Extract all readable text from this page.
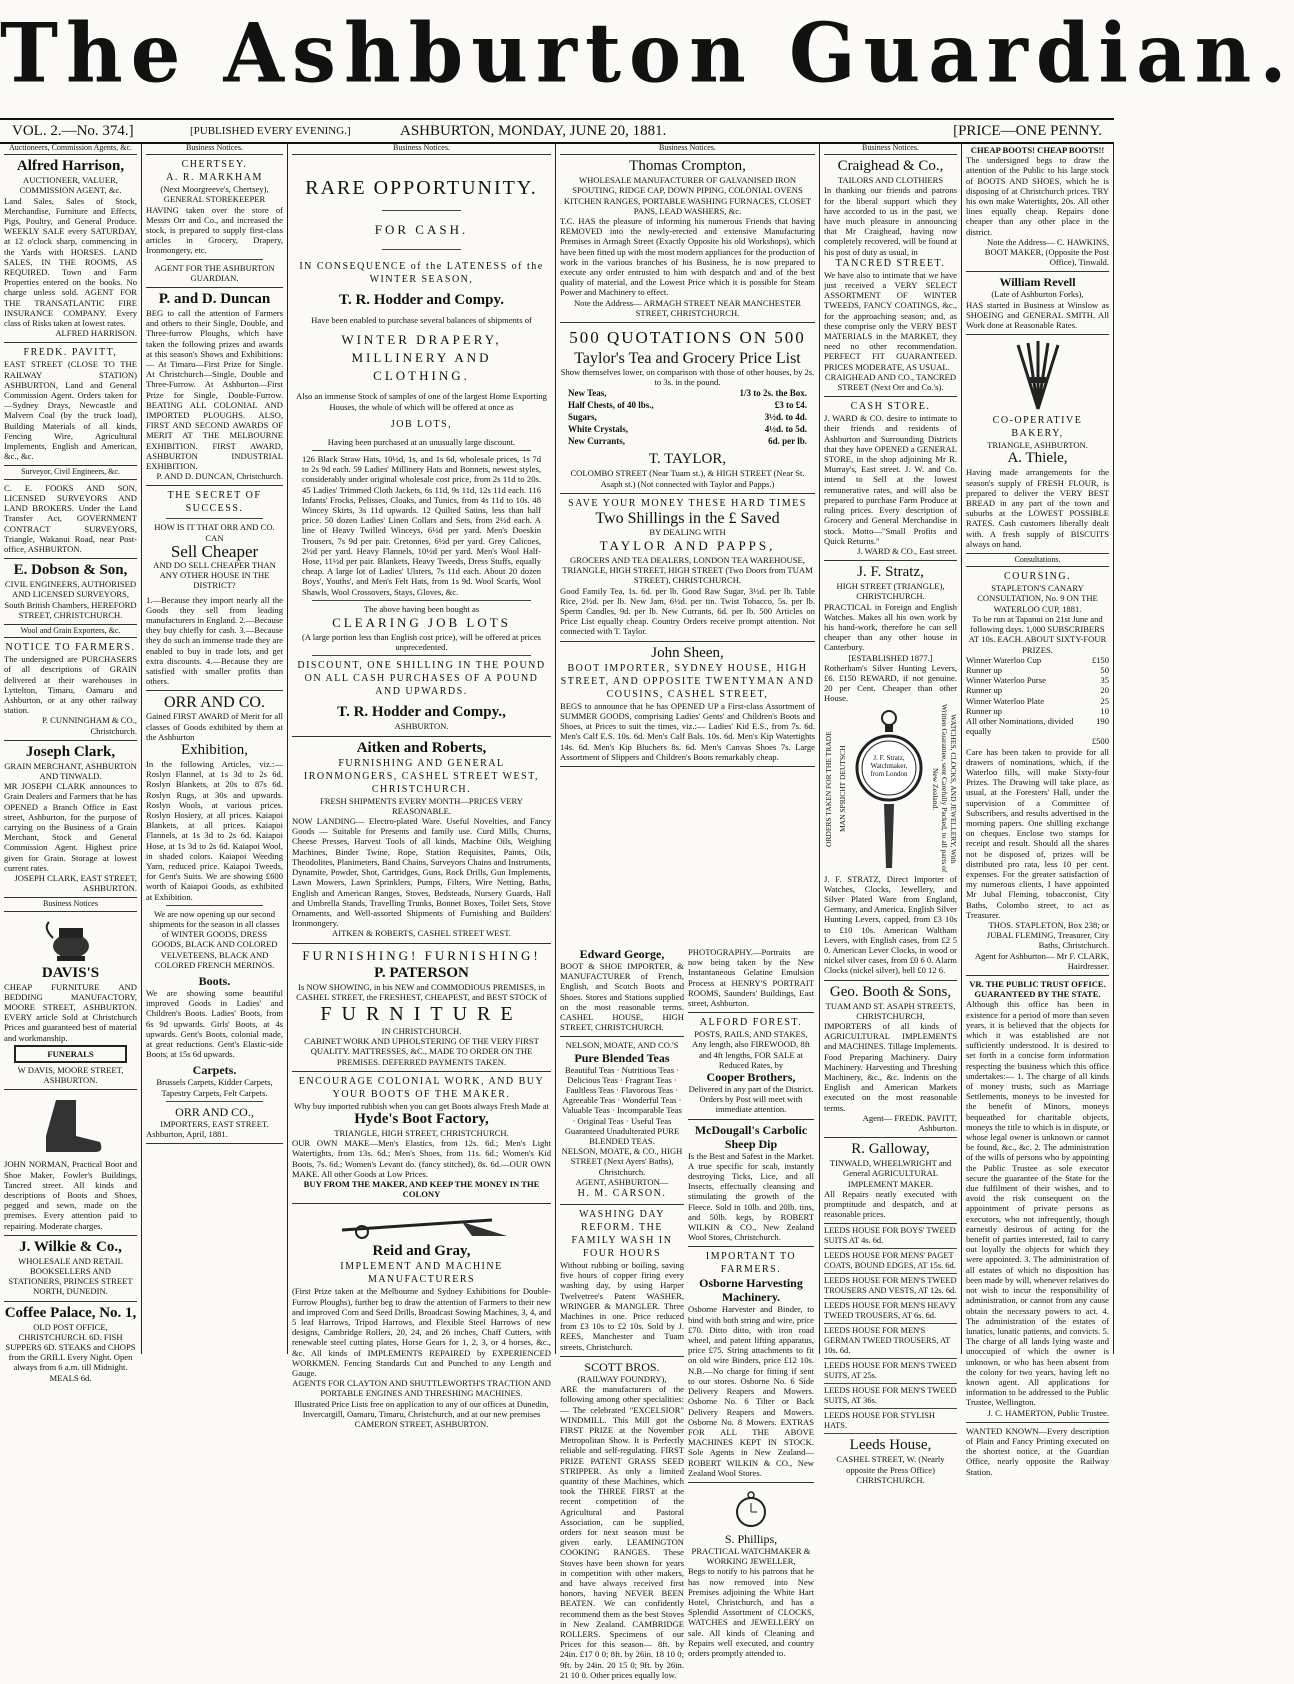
The Ashburton Guardian.
VOL. 2.—No. 374.]	[PUBLISHED EVERY EVENING.]	ASHBURTON, MONDAY, JUNE 20, 1881.	[PRICE—ONE PENNY.
Auctioneers, Commission Agents, &c.
Alfred Harrison,
AUCTIONEER, VALUER, COMMISSION AGENT, &c.
Land Sales, Sales of Stock, Merchandise, Furniture and Effects, Pigs, Poultry, and General Produce. WEEKLY SALE every SATURDAY, at 12 o'clock sharp, commencing in the Yards with HORSES. LAND SALES, IN THE ROOMS, AS REQUIRED. Town and Farm Properties entered on the books. No charge unless sold. AGENT FOR THE TRANSATLANTIC FIRE INSURANCE COMPANY. Every class of Risks taken at lowest rates.
ALFRED HARRISON.
FREDK. PAVITT,
EAST STREET (CLOSE TO THE RAILWAY STATION) ASHBURTON, Land and General Commission Agent. Orders taken for—Sydney Drays, Newcastle and Malvern Coal (by the truck load), Building Materials of all kinds, Fencing Wire, Agricultural Implements, English and American, &c., &c.
Surveyor, Civil Engineers, &c.
C. E. FOOKS AND SON, LICENSED SURVEYORS AND LAND BROKERS. Under the Land Transfer Act, GOVERNMENT CONTRACT SURVEYORS, Triangle, Wakanui Road, near Post-office, ASHBURTON.
E. Dobson & Son,
CIVIL ENGINEERS, AUTHORISED AND LICENSED SURVEYORS, South British Chambers, HEREFORD STREET, CHRISTCHURCH.
Wool and Grain Exporters, &c.
NOTICE TO FARMERS.
The undersigned are PURCHASERS of all descriptions of GRAIN delivered at their warehouses in Lyttelton, Timaru, Oamaru and Ashburton, or at any other railway station.
P. CUNNINGHAM & CO., Christchurch.
Joseph Clark,
GRAIN MERCHANT, ASHBURTON AND TINWALD.
MR JOSEPH CLARK announces to Grain Dealers and Farmers that he has OPENED a Branch Office in East street, Ashburton, for the purpose of carrying on the Business of a Grain Merchant, Stock and General Commission Agent. Highest price given for Grain. Storage at lowest current rates.
JOSEPH CLARK, EAST STREET, ASHBURTON.
Business Notices
DAVIS'S
CHEAP FURNITURE AND BEDDING MANUFACTORY, MOORE STREET, ASHBURTON. EVERY article Sold at Christchurch Prices and guaranteed best of material and workmanship.
FUNERALS
W DAVIS, MOORE STREET, ASHBURTON.
JOHN NORMAN, Practical Boot and Shoe Maker, Fowler's Buildings, Tancred street. All kinds and descriptions of Boots and Shoes, pegged and sewn, made on the premises. Every attention paid to repairing. Moderate charges.
J. Wilkie & Co.,
WHOLESALE AND RETAIL BOOKSELLERS AND STATIONERS, PRINCES STREET NORTH, DUNEDIN.
Coffee Palace, No. 1,
OLD POST OFFICE, CHRISTCHURCH. 6D. FISH SUPPERS 6D. STEAKS and CHOPS from the GRILL Every Night. Open always from 6 a.m. till Midnight. MEALS 6d.
Business Notices.
CHERTSEY.
A. R. MARKHAM
(Next Moorgreeve's, Chertsey), GENERAL STOREKEEPER
HAVING taken over the store of Messrs Orr and Co., and increased the stock, is prepared to supply first-class articles in Grocery, Drapery, Ironmongery, etc.
AGENT FOR THE ASHBURTON GUARDIAN.
P. and D. Duncan
BEG to call the attention of Farmers and others to their Single, Double, and Three-furrow Ploughs, which have taken the following prizes and awards at this season's Shows and Exhibitions:— At Timaru—First Prize for Single. At Christchurch—Single, Double and Three-Furrow. At Ashburton—First Prize for Single, Double-Furrow. BEATING ALL COLONIAL AND IMPORTED PLOUGHS. ALSO, FIRST AND SECOND AWARDS OF MERIT AT THE MELBOURNE EXHIBITION. FIRST AWARD, ASHBURTON INDUSTRIAL EXHIBITION.
P. AND D. DUNCAN, Christchurch.
THE SECRET OF SUCCESS.
HOW IS IT THAT ORR AND CO. CAN
Sell Cheaper
AND DO SELL CHEAPER THAN ANY OTHER HOUSE IN THE DISTRICT?
1.—Because they import nearly all the Goods they sell from leading manufacturers in England. 2.—Because they buy chiefly for cash. 3.—Because they do such an immense trade they are enabled to buy in trade lots, and get extra discounts. 4.—Because they are satisfied with smaller profits than others.
ORR AND CO.
Gained FIRST AWARD of Merit for all classes of Goods exhibited by them at the Ashburton
Exhibition,
In the following Articles, viz.:— Roslyn Flannel, at 1s 3d to 2s 6d. Roslyn Blankets, at 20s to 87s 6d. Roslyn Rugs, at 30s and upwards. Roslyn Wools, at various prices. Roslyn Hosiery, at all prices. Kaiapoi Blankets, at all prices. Kaiapoi Flannels, at 1s 3d to 2s 6d. Kaiapoi Hose, at 1s 3d to 2s 6d. Kaiapoi Wool, in shaded colors. Kaiapoi Weeding Yarn, reduced price. Kaiapoi Tweeds, for Gent's Suits. We are showing £600 worth of Kaiapoi Goods, as exhibited at Exhibition.
We are now opening up our second shipments for the season in all classes of WINTER GOODS, DRESS GOODS, BLACK AND COLORED VELVETEENS, BLACK AND COLORED FRENCH MERINOS.
Boots.
We are showing some beautiful improved Goods in Ladies' and Children's Boots. Ladies' Boots, from 6s 9d upwards. Girls' Boots, at 4s upwards. Gent's Boots, colonial made, at great reductions. Gent's Elastic-side Boots, at 15s 6d upwards.
Carpets.
Brussels Carpets, Kidder Carpets, Tapestry Carpets, Felt Carpets.
ORR AND CO.,
IMPORTERS, EAST STREET.
Ashburton, April, 1881.
Business Notices.
RARE OPPORTUNITY.
FOR CASH.
IN CONSEQUENCE of the LATENESS of the WINTER SEASON,
T. R. Hodder and Compy.
Have been enabled to purchase several balances of shipments of
WINTER DRAPERY, MILLINERY AND CLOTHING.
Also an immense Stock of samples of one of the largest Home Exporting Houses, the whole of which will be offered at once as
JOB LOTS,
Having been purchased at an unusually large discount.
126 Black Straw Hats, 10½d, 1s, and 1s 6d, wholesale prices, 1s 7d to 2s 9d each. 59 Ladies' Millinery Hats and Bonnets, newest styles, considerably under original wholesale cost price, from 2s 11d to 20s. 45 Ladies' Trimmed Cloth Jackets, 6s 11d, 9s 11d, 12s 11d each. 116 Infants' Frocks, Pelisses, Cloaks, and Tunics, from 4s 11d to 10s. 48 Wincey Skirts, 3s 11d upwards. 12 Quilted Satins, less than half price. 50 dozen Ladies' Linen Collars and Sets, from 2½d each. A line of Heavy Twilled Winceys, 6½d per yard. Men's Doeskin Trousers, 7s 9d per pair. Cretonnes, 6½d per yard. Grey Calicoes, 2½d per yard. Heavy Flannels, 10½d per yard. Men's Wool Half-Hose, 11½d per pair. Blankets, Heavy Tweeds, Dress Stuffs, equally cheap. A large lot of Ladies' Ulsters, 7s 11d each. About 20 dozen Boys', Youths', and Men's Felt Hats, from 1s 9d. Wool Scarfs, Wool Shawls, Wool Crossovers, Stays, Gloves, &c.
The above having been bought as
CLEARING JOB LOTS
(A large portion less than English cost price), will be offered at prices unprecedented.
DISCOUNT, ONE SHILLING IN THE POUND ON ALL CASH PURCHASES OF A POUND AND UPWARDS.
T. R. Hodder and Compy.,
ASHBURTON.
Aitken and Roberts,
FURNISHING AND GENERAL IRONMONGERS, CASHEL STREET WEST, CHRISTCHURCH.
FRESH SHIPMENTS EVERY MONTH—PRICES VERY REASONABLE.
NOW LANDING— Electro-plated Ware. Useful Novelties, and Fancy Goods — Suitable for Presents and family use. Curd Mills, Churns, Cheese Presses, Harvest Tools of all kinds, Machine Oils, Weighing Machines, Binder Twine, Rope, Station Requisites, Paints, Oils, Theodolites, Planimeters, Band Chains, Surveyors Chains and Instruments, Dynamite, Powder, Shot, Cartridges, Guns, Rock Drills, Gun Implements, Lawn Mowers, Lawn Sprinklers, Pumps, Filters, Wire Netting, Baths, English and American Ranges, Stoves, Bedsteads, Nursery Guards, Hall and Umbrella Stands, Travelling Trunks, Bonnet Boxes, Toilet Sets, Stove Ornaments, and Well-assorted Shipments of Furnishing and Builders' Ironmongery.
AITKEN & ROBERTS, CASHEL STREET WEST.
FURNISHING! FURNISHING!
P. PATERSON
Is NOW SHOWING, in his NEW and COMMODIOUS PREMISES, in CASHEL STREET, the FRESHEST, CHEAPEST, and BEST STOCK of
FURNITURE
IN CHRISTCHURCH.
CABINET WORK AND UPHOLSTERING OF THE VERY FIRST QUALITY. MATTRESSES, &C., MADE TO ORDER ON THE PREMISES. DEFERRED PAYMENTS TAKEN.
ENCOURAGE COLONIAL WORK, AND BUY YOUR BOOTS OF THE MAKER.
Why buy imported rubbish when you can get Boots always Fresh Made at
Hyde's Boot Factory,
TRIANGLE, HIGH STREET, CHRISTCHURCH.
OUR OWN MAKE—Men's Elastics, from 12s. 6d.; Men's Light Watertights, from 13s. 6d.; Men's Shoes, from 11s. 6d.; Women's Kid Boots, 7s. 6d.; Women's Levant do. (fancy stitched), 8s. 6d.—OUR OWN MAKE. All other Goods at Low Prices.
BUY FROM THE MAKER, AND KEEP THE MONEY IN THE COLONY
Reid and Gray,
IMPLEMENT AND MACHINE MANUFACTURERS
(First Prize taken at the Melbourne and Sydney Exhibitions for Double-Furrow Ploughs), further beg to draw the attention of Farmers to their new and improved Corn and Seed Drills, Broadcast Sowing Machines, 3, 4, and 5 leaf Harrows, Tripod Harrows, and Flexible Steel Harrows of new designs, Cambridge Rollers, 20, 24, and 26 inches, Chaff Cutters, with renewable steel cutting plates, Horse Gears for 1, 2, 3, or 4 horses, &c., &c. All kinds of IMPLEMENTS REPAIRED by EXPERIENCED WORKMEN. Fencing Standards Cut and Punched to any Length and Gauge.
AGENTS FOR CLAYTON AND SHUTTLEWORTH'S TRACTION AND PORTABLE ENGINES AND THRESHING MACHINES.
Illustrated Price Lists free on application to any of our offices at Dunedin, Invercargill, Oamaru, Timaru, Christchurch, and at our new premises CAMERON STREET, ASHBURTON.
Business Notices.
Thomas Crompton,
WHOLESALE MANUFACTURER OF GALVANISED IRON SPOUTING, RIDGE CAP, DOWN PIPING, COLONIAL OVENS KITCHEN RANGES, PORTABLE WASHING FURNACES, CLOSET PANS, LEAD WASHERS, &c.
T.C. HAS the pleasure of informing his numerous Friends that having REMOVED into the newly-erected and extensive Manufacturing Premises in Armagh Street (Exactly Opposite his old Workshops), which have been fitted up with the most modern appliances for the production of work in the various branches of his Business, he is now prepared to execute any order entrusted to him with despatch and and of the best quality of material, and the Lowest Price which it is possible for Steam Power and Machinery to effect.
Note the Address— ARMAGH STREET NEAR MANCHESTER STREET, CHRISTCHURCH.
500 QUOTATIONS ON 500
Taylor's Tea and Grocery Price List
Show themselves lower, on comparison with those of other houses, by 2s. to 3s. in the pound.
New Teas,	1/3 to 2s. the Box.
Half Chests, of 40 lbs.,	£3 to £4.
Sugars,	3½d. to 4d.
White Crystals,	4½d. to 5d.
New Currants,	6d. per lb.
T. TAYLOR,
COLOMBO STREET (Near Tuam st.), & HIGH STREET (Near St. Asaph st.) (Not connected with Taylor and Papps.)
SAVE YOUR MONEY THESE HARD TIMES
Two Shillings in the £ Saved
BY DEALING WITH
TAYLOR AND PAPPS,
GROCERS AND TEA DEALERS, LONDON TEA WAREHOUSE, TRIANGLE, HIGH STREET, HIGH STREET (Two Doors from TUAM STREET), CHRISTCHURCH.
Good Family Tea, 1s. 6d. per lb. Good Raw Sugar, 3½d. per lb. Table Rice, 2½d. per lb. New Jam, 6½d. per tin. Twist Tobacco, 5s. per lb. Sperm Candles, 9d. per lb. New Currants, 6d. per lb. 500 Articles on Price List equally cheap. Country Orders receive prompt attention. Not connected with T. Taylor.
John Sheen,
BOOT IMPORTER, SYDNEY HOUSE, HIGH STREET, AND OPPOSITE TWENTYMAN AND COUSINS, CASHEL STREET,
BEGS to announce that he has OPENED UP a First-class Assortment of SUMMER GOODS, comprising Ladies' Gents' and Children's Boots and Shoes, at Prices to suit the times, viz.:— Ladies' Kid E.S., from 7s. 6d. Men's Calf E.S. 10s. 6d. Men's Calf Bals. 10s. 6d. Men's Kip Watertights 14s. 6d. Men's Kip Bluchers 8s. 6d. Men's Canvas Shoes 7s. Large Assortment of Slippers and Children's Boots remarkably cheap.
Edward George,
BOOT & SHOE IMPORTER, & MANUFACTURER of French, English, and Scotch Boots and Shoes. Stores and Stations supplied on the most reasonable terms. CASHEL HOUSE, HIGH STREET, CHRISTCHURCH.
NELSON, MOATE, AND CO.'S
Pure Blended Teas
Beautiful Teas · Nutritious Teas · Delicious Teas · Fragrant Teas · Faultless Teas · Flavorous Teas · Agreeable Teas · Wonderful Teas · Valuable Teas · Incomparable Teas · Original Teas · Useful Teas
Guaranteed Unadulterated PURE BLENDED TEAS.
NELSON, MOATE, & CO., HIGH STREET (Next Ayers' Baths), Christchurch.
AGENT, ASHBURTON—
H. M. CARSON.
WASHING DAY REFORM. THE FAMILY WASH IN FOUR HOURS
Without rubbing or boiling, saving five hours of copper firing every washing day, by using Harper Twelvetree's Patent WASHER, WRINGER & MANGLER. Three Machines in one. Price reduced from £3 10s to £2 10s. Sold by J. REES, Manchester and Tuam streets, Christchurch.
SCOTT BROS.
(RAILWAY FOUNDRY),
ARE the manufacturers of the following among other specialities:— The celebrated "EXCELSIOR" WINDMILL. This Mill got the FIRST PRIZE at the November Metropolitan Show. It is Perfectly reliable and self-regulating. FIRST PRIZE PATENT GRASS SEED STRIPPER. As only a limited quantity of these Machines, which took the THREE FIRST at the recent competition of the Agricultural and Pastoral Association, can be supplied, orders for next season must be given early. LEAMINGTON COOKING RANGES. These Stoves have been shown for years in competition with other makers, and have always received first honors, having NEVER BEEN BEATEN. We can confidently recommend them as the best Stoves in New Zealand. CAMBRIDGE ROLLERS. Specimens of our Prices for this season— 8ft. by 24in. £17 0 0; 8ft. by 26in. 18 10 0; 9ft. by 24in. 20 15 0; 9ft. by 26in. 21 10 0. Other prices equally low.
PHOTOGRAPHY.—Portraits are now being taken by the New Instantaneous Gelatine Emulsion Process at HENRY'S PORTRAIT ROOMS, Saunders' Buildings, East street, Ashburton.
ALFORD FOREST.
POSTS, RAILS, AND STAKES, Any length, also FIREWOOD, 8ft and 4ft lengths, FOR SALE at Reduced Rates, by
Cooper Brothers,
Delivered in any part of the District. Orders by Post will meet with immediate attention.
McDougall's Carbolic Sheep Dip
Is the Best and Safest in the Market. A true specific for scab, instantly destroying Ticks, Lice, and all Insects, effectually cleansing and stimulating the growth of the Fleece. Sold in 10lb. and 20lb. tins, and 50lb. kegs, by ROBERT WILKIN & CO., New Zealand Wool Stores, Christchurch.
IMPORTANT TO FARMERS.
Osborne Harvesting Machinery.
Osborne Harvester and Binder, to bind with both string and wire, price £70. Ditto ditto, with iron road wheel, and patent lifting apparatus, price £75. String attachments to fit on old wire Binders, price £12 10s. N.B.—No charge for fitting if sent to our stores. Osborne No. 6 Side Delivery Reapers and Mowers. Osborne No. 6 Tilter or Back Delivery Reapers and Mowers. Osborne No. 8 Mowers. EXTRAS FOR ALL THE ABOVE MACHINES KEPT IN STOCK. Sole Agents in New Zealand—ROBERT WILKIN & CO., New Zealand Wool Stores.
S. Phillips,
PRACTICAL WATCHMAKER & WORKING JEWELLER,
Begs to notify to his patrons that he has now removed into New Premises adjoining the White Hart Hotel, Christchurch, and has a Splendid Assortment of CLOCKS, WATCHES and JEWELLERY on sale. All kinds of Cleaning and Repairs well executed, and country orders promptly attended to.
Business Notices.
Craighead & Co.,
TAILORS AND CLOTHIERS
In thanking our friends and patrons for the liberal support which they have accorded to us in the past, we have much pleasure in announcing that Mr Craighead, having now completely recovered, will be found at his post of duty as usual, in
TANCRED STREET.
We have also to intimate that we have just received a VERY SELECT ASSORTMENT OF WINTER TWEEDS, FANCY COATINGS, &c., for the approaching season; and, as these comprise only the VERY BEST MATERIALS in the MARKET, they need no other recommendation. PERFECT FIT GUARANTEED. PRICES MODERATE, AS USUAL.
CRAIGHEAD AND CO., TANCRED STREET (Next Orr and Co.'s).
CASH STORE.
J. WARD & CO. desire to intimate to their friends and residents of Ashburton and Surrounding Districts that they have OPENED a GENERAL STORE, in the shop adjoining Mr R. Murray's, East street. J. W. and Co. intend to Sell at the lowest remunerative rates, and will also be prepared to purchase Farm Produce at ruling prices. Every description of Grocery and General Merchandise in stock. Motto—"Small Profits and Quick Returns."
J. WARD & CO., East street.
J. F. Stratz,
HIGH STREET (TRIANGLE), CHRISTCHURCH.
PRACTICAL in Foreign and English Watches. Makes all his own work by his hand-work, therefore he can sell cheaper than any other house in Canterbury.
[ESTABLISHED 1877.]
Rotherham's Silver Hunting Levers, £6. £150 REWARD, if not genuine. 20 per Cent. Cheaper than other House.
ORDERS TAKEN FOR THE TRADE MAN SPRICHT DEUTSCH	J. F. Stratz, Watchmaker, from London	WATCHES, CLOCKS, AND JEWELLERY, With Written Guarantee, sent Carefully Packed, to all parts of New Zealand.
J. F. STRATZ, Direct Importer of Watches, Clocks, Jewellery, and Silver Plated Ware from England, Germany, and America. English Silver Hunting Levers, capped, from £3 10s to £10 10s. American Waltham Levers, with English cases, from £2 5 0. American Lever Clocks, in wood or nickel silver cases, from £0 6 0. Alarm Clocks (nickel silver), bell £0 12 6.
Geo. Booth & Sons,
TUAM AND ST. ASAPH STREETS, CHRISTCHURCH,
IMPORTERS of all kinds of AGRICULTURAL IMPLEMENTS and MACHINES. Tillage Implements. Food Preparing Machinery. Dairy Machinery. Harvesting and Threshing Machinery, &c., &c. Indents on the English and American Markets executed on the most reasonable terms.
Agent— FREDK. PAVITT, Ashburton.
R. Galloway,
TINWALD, WHEELWRIGHT and General AGRICULTURAL IMPLEMENT MAKER.
All Repairs neatly executed with promptitude and despatch, and at reasonable prices.
LEEDS HOUSE FOR BOYS' TWEED SUITS AT 4s. 6d.
LEEDS HOUSE FOR MENS' PAGET COATS, BOUND EDGES, AT 15s. 6d.
LEEDS HOUSE FOR MEN'S TWEED TROUSERS AND VESTS, AT 12s. 6d.
LEEDS HOUSE FOR MEN'S HEAVY TWEED TROUSERS, AT 6s. 6d.
LEEDS HOUSE FOR MEN'S GERMAN TWEED TROUSERS, AT 10s. 6d.
LEEDS HOUSE FOR MEN'S TWEED SUITS, AT 25s.
LEEDS HOUSE FOR MEN'S TWEED SUITS, AT 36s.
LEEDS HOUSE FOR STYLISH HATS.
Leeds House,
CASHEL STREET, W. (Nearly opposite the Press Office) CHRISTCHURCH.
CHEAP BOOTS! CHEAP BOOTS!!
The undersigned begs to draw the attention of the Public to his large stock of BOOTS AND SHOES, which he is disposing of at Christchurch prices. TRY his own make Watertights, 20s. All other lines equally cheap. Repairs done cheaper than any other place in the district.
Note the Address— C. HAWKINS, BOOT MAKER, (Opposite the Post Office), Tinwald.
William Revell
(Late of Ashburton Forks),
HAS started in Business at Winslow as SHOEING and GENERAL SMITH. All Work done at Reasonable Rates.
CO-OPERATIVE BAKERY,
TRIANGLE, ASHBURTON.
A. Thiele,
Having made arrangements for the season's supply of FRESH FLOUR, is prepared to deliver the VERY BEST BREAD in any part of the town and suburbs at the LOWEST POSSIBLE RATES. Cash customers liberally dealt with. A fresh supply of BISCUITS always on hand.
Consultations.
COURSING.
STAPLETON'S CANARY CONSULTATION, No. 9 ON THE WATERLOO CUP, 1881.
To be run at Tapanui on 21st June and following days. 1,000 SUBSCRIBERS AT 10s. EACH. ABOUT SIXTY-FOUR PRIZES.
Winner Waterloo Cup	£150
Runner up	50
Winner Waterloo Purse	35
Runner up	20
Winner Waterloo Plate	25
Runner up	10
All other Nominations, divided equally
190
£500
Care has been taken to provide for all drawers of nominations, which, if the Waterloo fills, will make Sixty-four Prizes. The Drawing will take place, as usual, at the Foresters' Hall, under the supervision of a Committee of Subscribers, and results advertised in the morning papers. One shilling exchange on cheques. Enclose two stamps for receipt and result. Should all the shares not be disposed of, prizes will be distributed pro rata, less 10 per cent. expenses. For the greater satisfaction of my numerous clients, I have appointed Mr Jubal Fleming, tobacconist, City Baths, Colombo street, to act as Treasurer.
THOS. STAPLETON, Box 238; or JUBAL FLEMING, Treasurer, City Baths, Christchurch.
Agent for Ashburton— Mr F. CLARK, Hairdresser.
VR. THE PUBLIC TRUST OFFICE. GUARANTEED BY THE STATE.
Although this office has been in existence for a period of more than seven years, it is believed that the objects for which it was established are not sufficiently understood. It is desired to set forth in a concise form information respecting the business which this office undertakes:— 1. The charge of all kinds of money trusts, such as Marriage Settlements, moneys to be invested for the benefit of Minors, moneys bequeathed for charitable objects, moneys the title to which is in dispute, or whose legal owner is unknown or cannot be found, &c., &c. 2. The administration of the wills of persons who by appointing the Public Trustee as sole executor secure the guarantee of the State for the due fulfilment of their wishes, and to avoid the risk consequent on the appointment of private persons as executors, who not infrequently, though earnestly desirous of acting for the benefit of parties interested, fail to carry out loyally the objects for which they were appointed. 3. The administration of all estates of which no disposition has been made by will, whenever relatives do not wish to incur the responsibility of administration, or cannot from any cause obtain the necessary powers to act. 4. The administration of the estates of lunatics, lunatic patients, and convicts. 5. The charge of all lands lying waste and unoccupied of which the owner is unknown, or who has been absent from the colony for two years, having left no known agent. All applications for information to be addressed to the Public Trustee, Wellington.
J. C. HAMERTON, Public Trustee.
WANTED KNOWN—Every description of Plain and Fancy Printing executed on the shortest notice, at the Guardian Office, nearly opposite the Railway Station.
